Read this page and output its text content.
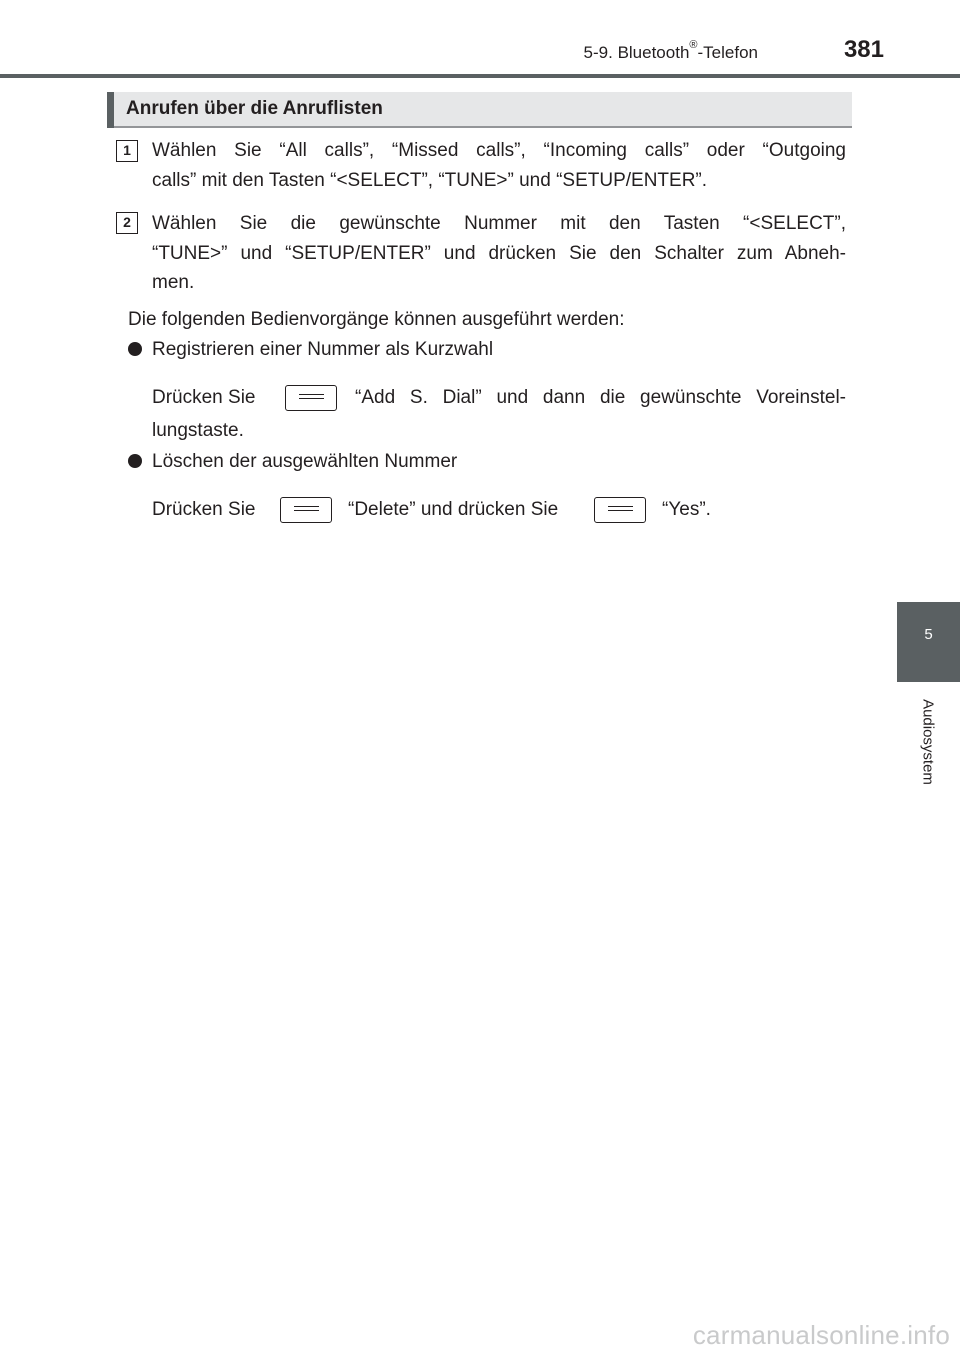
5-9. Bluetooth®-Telefon	381
5
Audiosystem
Anrufen über die Anruflisten
1	Wählen Sie “All calls”, “Missed calls”, “Incoming calls” oder “Outgoing
calls” mit den Tasten “<SELECT”, “TUNE>” und “SETUP/ENTER”.
2	Wählen Sie die gewünschte Nummer mit den Tasten “<SELECT”,
“TUNE>” und “SETUP/ENTER” und drücken Sie den Schalter zum Abneh-
men.
Die folgenden Bedienvorgänge können ausgeführt werden:
Registrieren einer Nummer als Kurzwahl
Drücken Sie	“Add S. Dial” und dann die gewünschte Voreinstel-
lungstaste.
Löschen der ausgewählten Nummer
Drücken Sie	“Delete” und drücken Sie	“Yes”.
carmanualsonline.info
